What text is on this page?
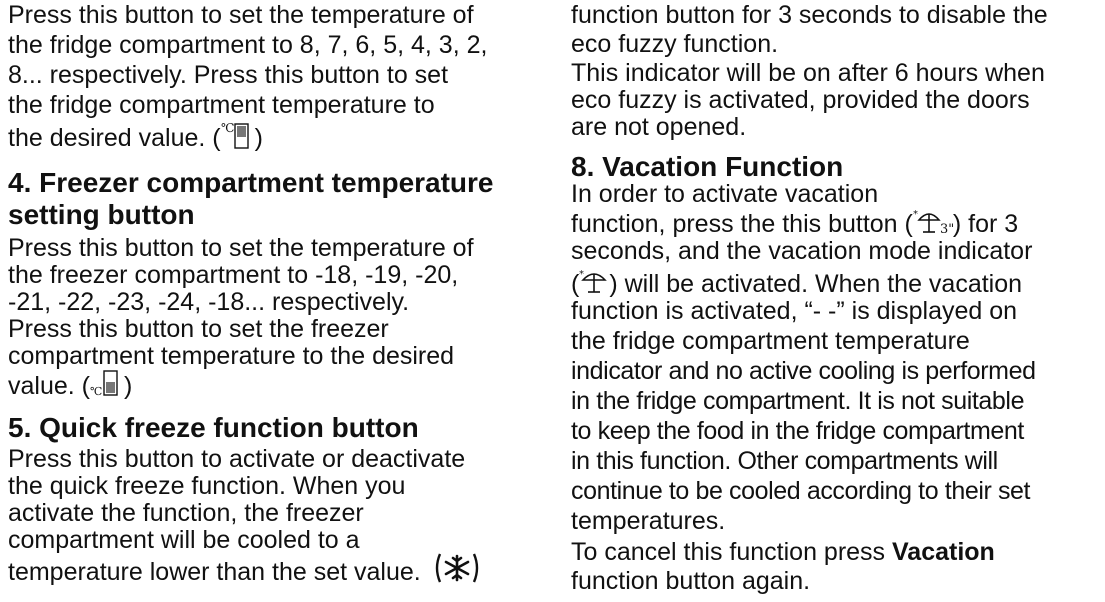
Press this button to set the temperature of
the fridge compartment to 8, 7, 6, 5, 4, 3, 2,
8... respectively. Press this button to set
the fridge compartment temperature to
the desired value. ( ℃ )
4. Freezer compartment temperature
setting button
Press this button to set the temperature of
the freezer compartment to -18, -19, -20,
-21, -22, -23, -24, -18... respectively.
Press this button to set the freezer
compartment temperature to the desired
value. ( ℃ )
5. Quick freeze function button
Press this button to activate or deactivate
the quick freeze function. When you
activate the function, the freezer
compartment will be cooled to a
temperature lower than the set value.
function button for 3 seconds to disable the
eco fuzzy function.
This indicator will be on after 6 hours when
eco fuzzy is activated, provided the doors
are not opened.
8. Vacation Function
In order to activate vacation
function, press the this button ( *
3"
) for 3
seconds, and the vacation mode indicator
( * ) will be activated. When the vacation
function is activated, “- -” is displayed on
the fridge compartment temperature
indicator and no active cooling is performed
in the fridge compartment. It is not suitable
to keep the food in the fridge compartment
in this function. Other compartments will
continue to be cooled according to their set
temperatures.
To cancel this function press Vacation
function button again.
